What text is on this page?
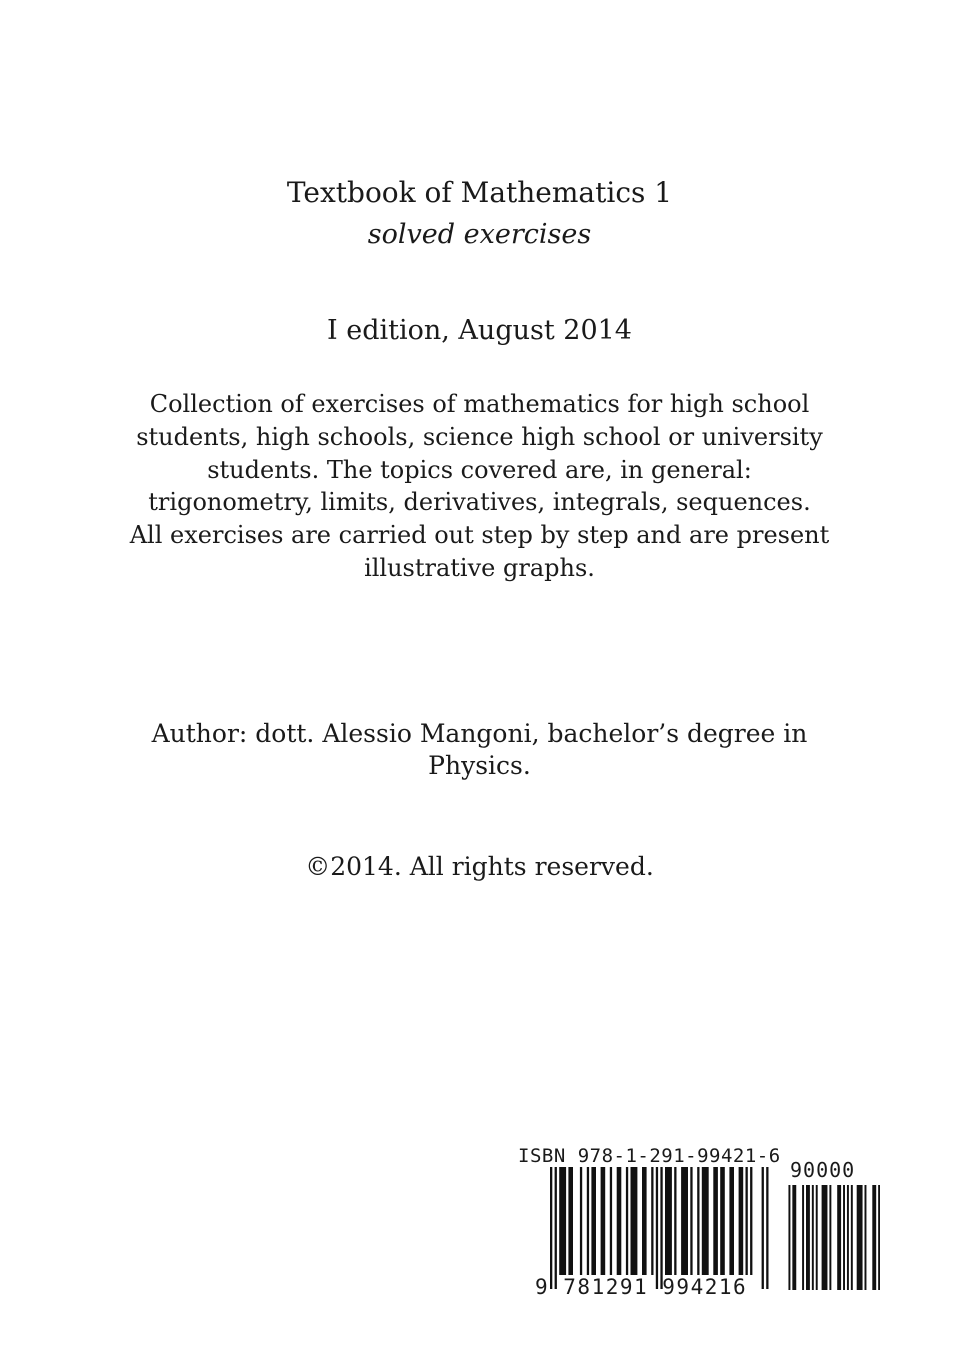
Textbook of Mathematics 1
solved exercises
I edition, August 2014
Collection of exercises of mathematics for high school
students, high schools, science high school or university
students. The topics covered are, in general:
trigonometry, limits, derivatives, integrals, sequences.
All exercises are carried out step by step and are present
illustrative graphs.
Author: dott. Alessio Mangoni, bachelor’s degree in
Physics.
©2014. All rights reserved.
ISBN 978-1-291-99421-6
90000
9 781291 994216
